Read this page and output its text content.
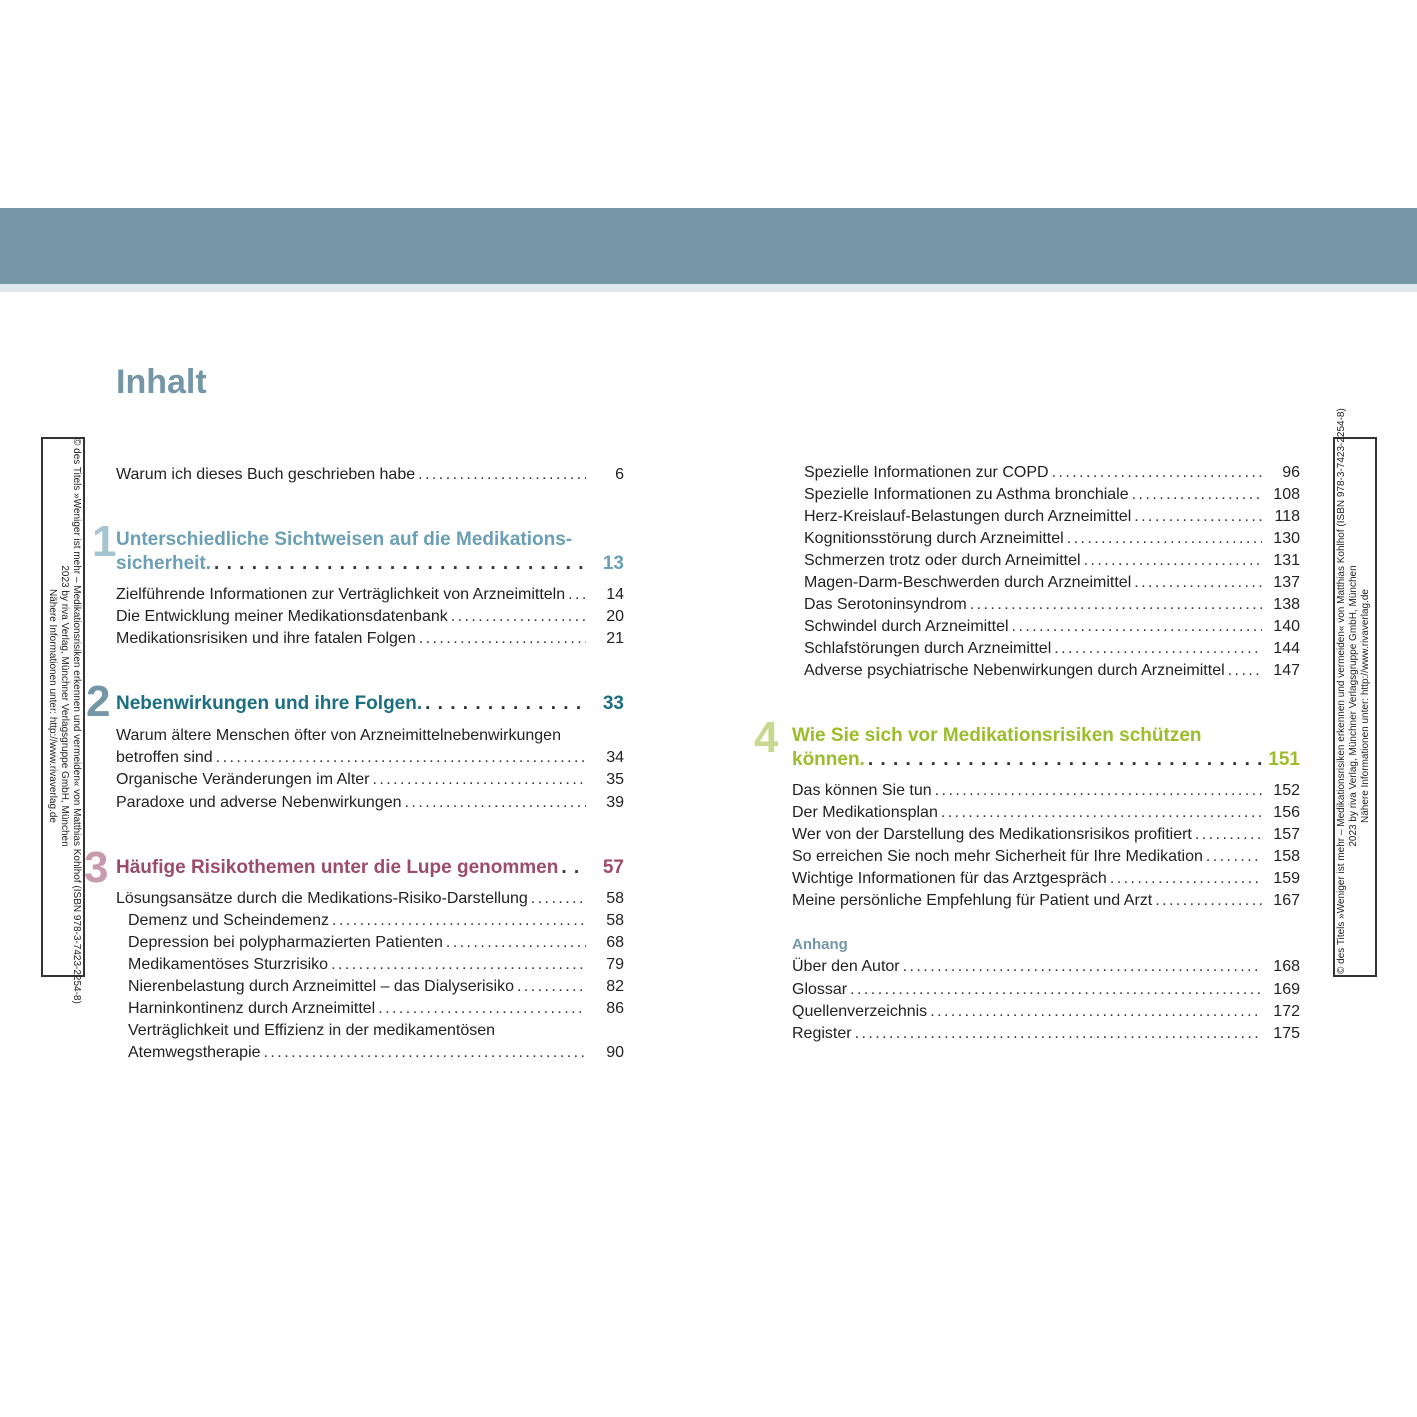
Inhalt
© des Titels »Weniger ist mehr – Medikationsrisiken erkennen und vermeiden« von Matthias Kohlhof (ISBN 978-3-7423-2254-8)
2023 by riva Verlag, Münchner Verlagsgruppe GmbH, München
Nähere Informationen unter: http://www.rivaverlag.de	© des Titels »Weniger ist mehr – Medikationsrisiken erkennen und vermeiden« von Matthias Kohlhof (ISBN 978-3-7423-2254-8) 2023 by riva Verlag, Münchner Verlagsgruppe GmbH, München Nähere Informationen unter: http://www.rivaverlag.de
Warum ich dieses Buch geschrieben habe . . .	6
1 Unterschiedliche Sichtweisen auf die Medikations-
sicherheit. . . .	13
Zielführende Informationen zur Verträglichkeit von Arzneimitteln . . .	14
Die Entwicklung meiner Medikationsdatenbank . . .	20
Medikationsrisiken und ihre fatalen Folgen . . .	21
2 Nebenwirkungen und ihre Folgen. . . .	33
Warum ältere Menschen öfter von Arzneimittelnebenwirkungen
betroffen sind . . .	34
Organische Veränderungen im Alter . . .	35
Paradoxe und adverse Nebenwirkungen . . .	39
3 Häufige Risikothemen unter die Lupe genommen . . .	57
Lösungsansätze durch die Medikations-Risiko-Darstellung . . .	58
Demenz und Scheindemenz . . .	58
Depression bei polypharmazierten Patienten . . .	68
Medikamentöses Sturzrisiko . . .	79
Nierenbelastung durch Arzneimittel – das Dialyserisiko . . .	82
Harninkontinenz durch Arzneimittel . . .	86
Verträglichkeit und Effizienz in der medikamentösen
Atemwegstherapie . . .	90
Spezielle Informationen zur COPD . . .	96
Spezielle Informationen zu Asthma bronchiale . . .	108
Herz-Kreislauf-Belastungen durch Arzneimittel . . .	118
Kognitionsstörung durch Arzneimittel . . .	130
Schmerzen trotz oder durch Arneimittel . . .	131
Magen-Darm-Beschwerden durch Arzneimittel . . .	137
Das Serotoninsyndrom . . .	138
Schwindel durch Arzneimittel . . .	140
Schlafstörungen durch Arzneimittel . . .	144
Adverse psychiatrische Nebenwirkungen durch Arzneimittel . . .	147
4 Wie Sie sich vor Medikationsrisiken schützen
können. . . .	151
Das können Sie tun . . .	152
Der Medikationsplan . . .	156
Wer von der Darstellung des Medikationsrisikos profitiert . . .	157
So erreichen Sie noch mehr Sicherheit für Ihre Medikation . . .	158
Wichtige Informationen für das Arztgespräch . . .	159
Meine persönliche Empfehlung für Patient und Arzt . . .	167
Anhang
Über den Autor . . .	168
Glossar . . .	169
Quellenverzeichnis . . .	172
Register . . .	175
